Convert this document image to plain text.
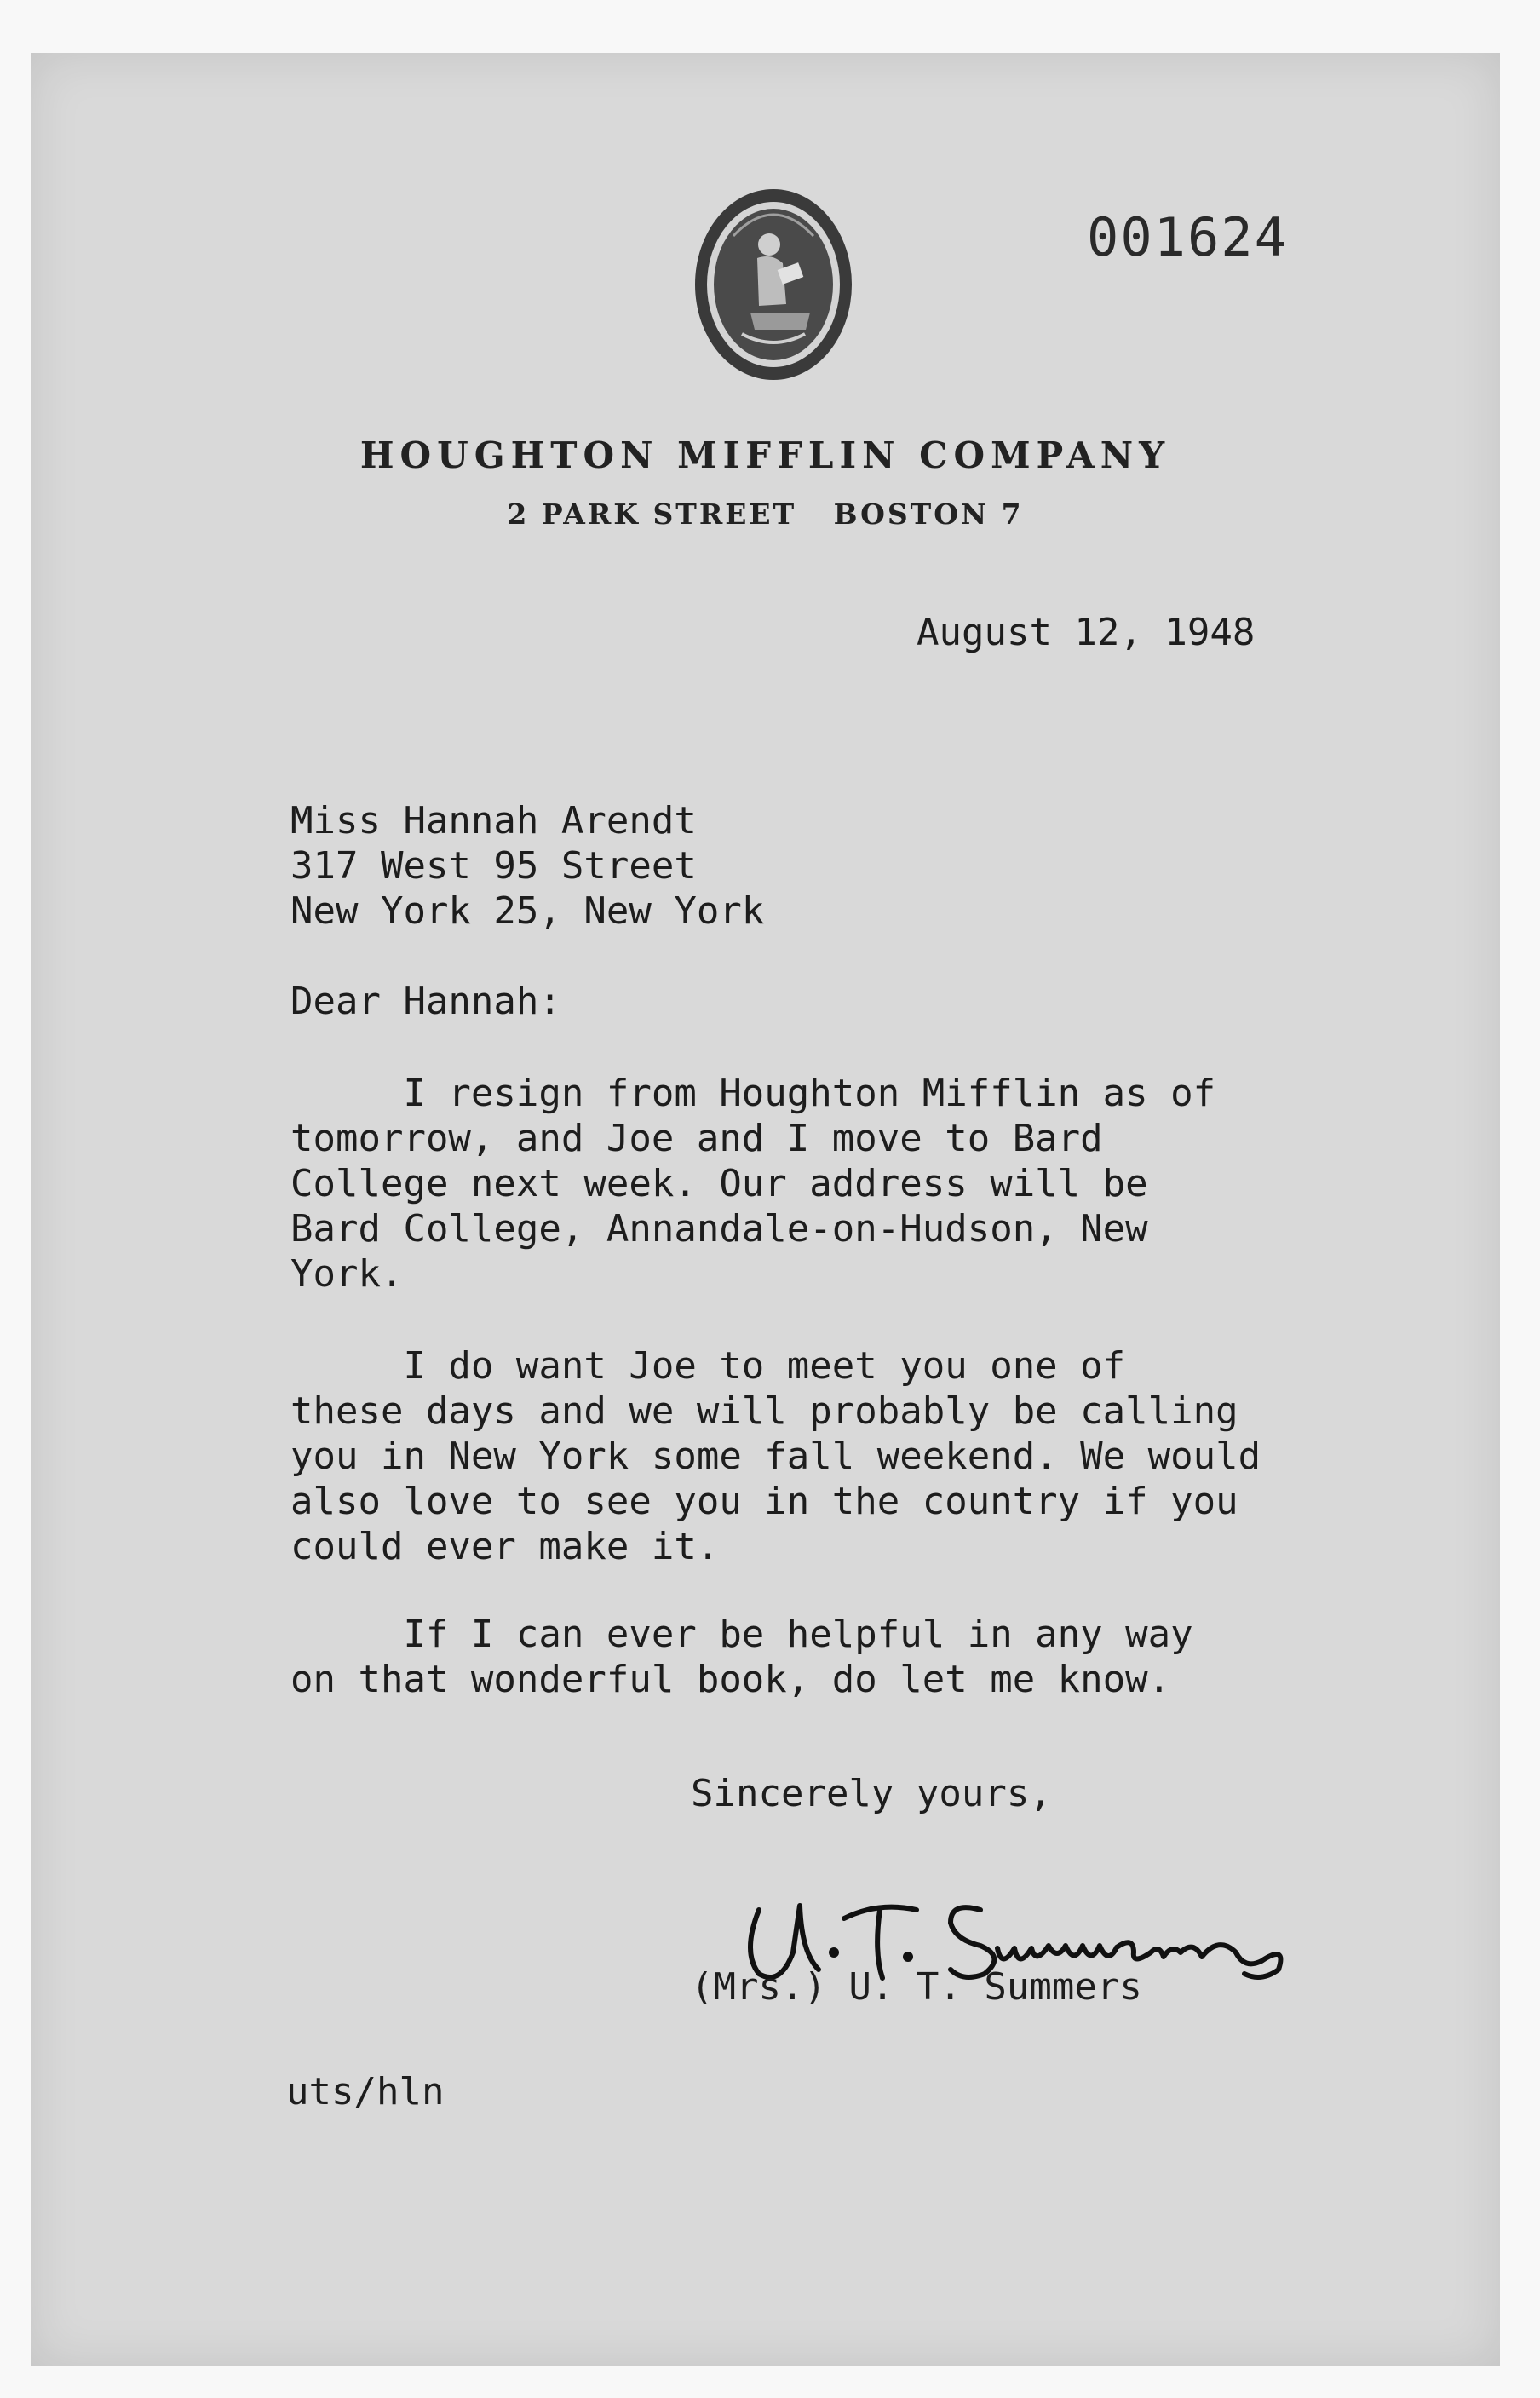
001624
HOUGHTON MIFFLIN COMPANY
2 PARK STREET   BOSTON 7
August 12, 1948
Miss Hannah Arendt
317 West 95 Street
New York 25, New York
Dear Hannah:
I resign from Houghton Mifflin as of
tomorrow, and Joe and I move to Bard
College next week. Our address will be
Bard College, Annandale-on-Hudson, New
York.
I do want Joe to meet you one of
these days and we will probably be calling
you in New York some fall weekend. We would
also love to see you in the country if you
could ever make it.
If I can ever be helpful in any way
on that wonderful book, do let me know.
Sincerely yours,
(Mrs.) U. T. Summers
uts/hln
